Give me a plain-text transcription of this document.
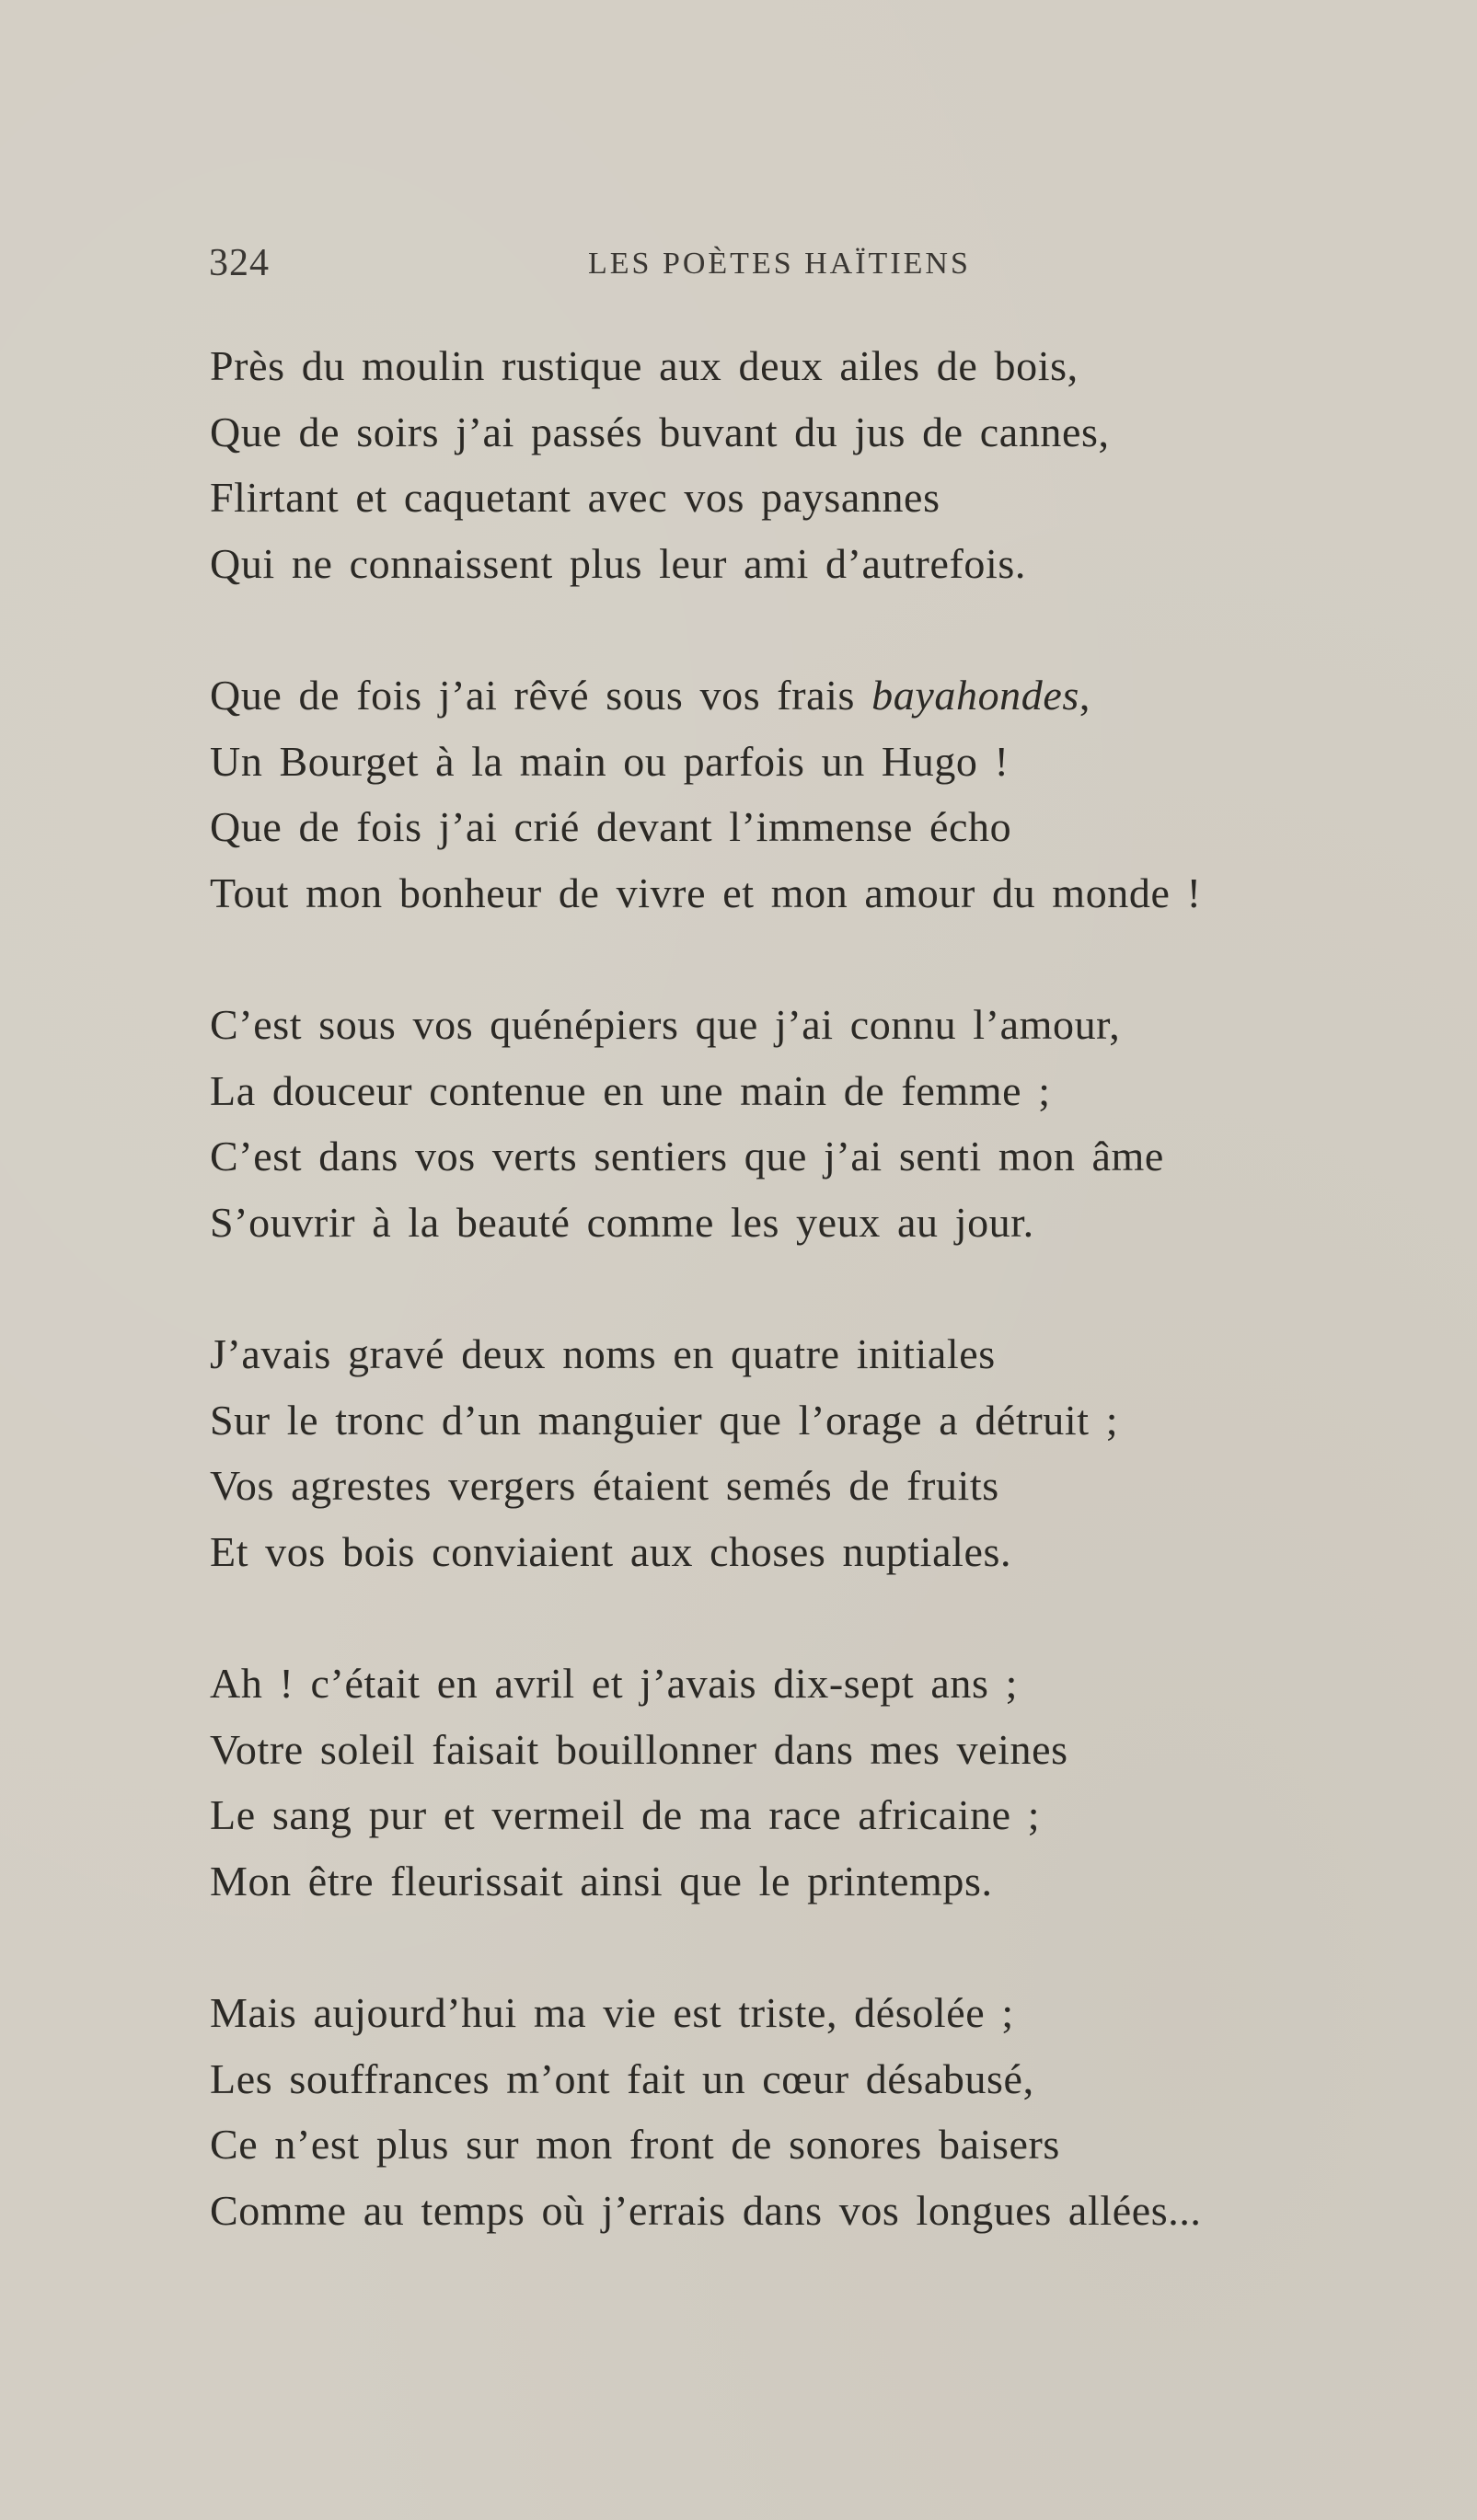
324	LES POÈTES HAÏTIENS
Près du moulin rustique aux deux ailes de bois,
Que de soirs j’ai passés buvant du jus de cannes,
Flirtant et caquetant avec vos paysannes
Qui ne connaissent plus leur ami d’autrefois.
Que de fois j’ai rêvé sous vos frais bayahondes,
Un Bourget à la main ou parfois un Hugo !
Que de fois j’ai crié devant l’immense écho
Tout mon bonheur de vivre et mon amour du monde !
C’est sous vos quénépiers que j’ai connu l’amour,
La douceur contenue en une main de femme ;
C’est dans vos verts sentiers que j’ai senti mon âme
S’ouvrir à la beauté comme les yeux au jour.
J’avais gravé deux noms en quatre initiales
Sur le tronc d’un manguier que l’orage a détruit ;
Vos agrestes vergers étaient semés de fruits
Et vos bois conviaient aux choses nuptiales.
Ah ! c’était en avril et j’avais dix-sept ans ;
Votre soleil faisait bouillonner dans mes veines
Le sang pur et vermeil de ma race africaine ;
Mon être fleurissait ainsi que le printemps.
Mais aujourd’hui ma vie est triste, désolée ;
Les souffrances m’ont fait un cœur désabusé,
Ce n’est plus sur mon front de sonores baisers
Comme au temps où j’errais dans vos longues allées...
